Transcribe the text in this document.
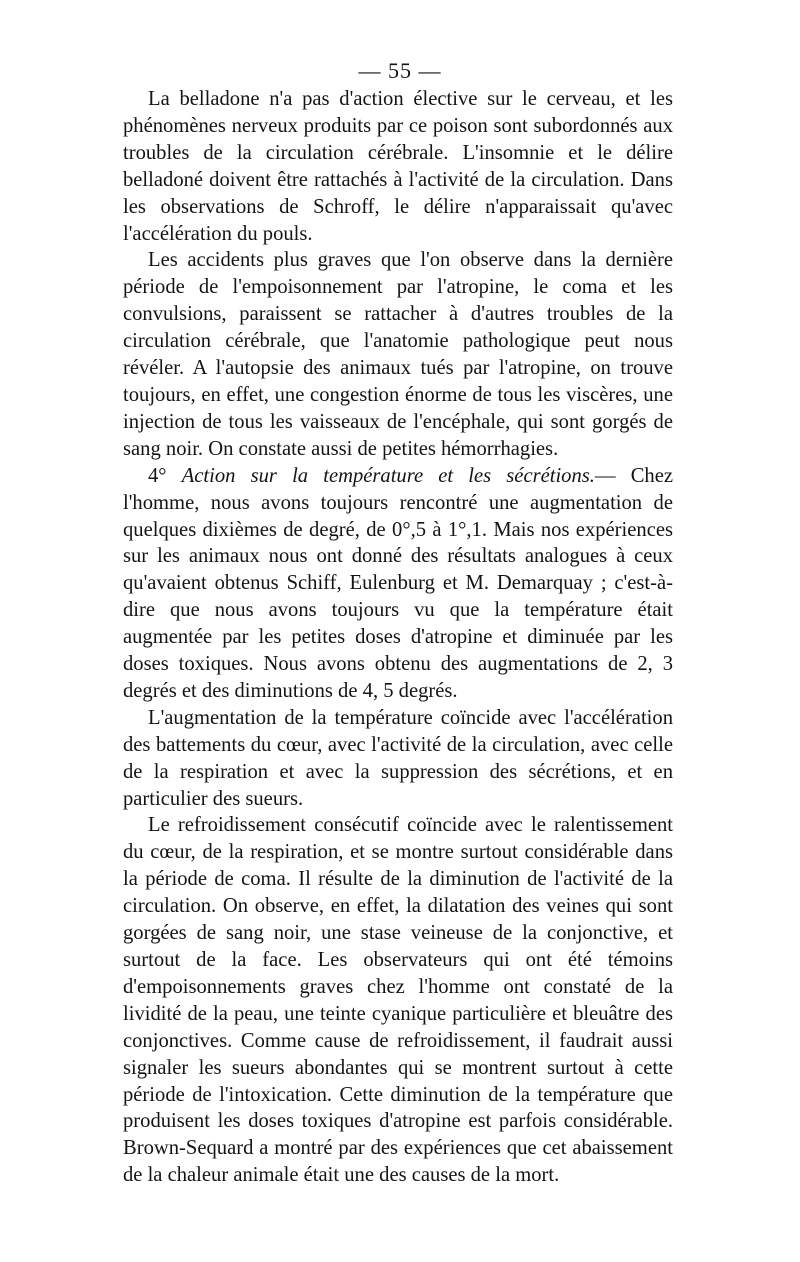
— 55 —

La belladone n'a pas d'action élective sur le cerveau, et les phénomènes nerveux produits par ce poison sont subordonnés aux troubles de la circulation cérébrale. L'insomnie et le délire belladoné doivent être rattachés à l'activité de la circulation. Dans les observations de Schroff, le délire n'apparaissait qu'avec l'accélération du pouls.

Les accidents plus graves que l'on observe dans la dernière période de l'empoisonnement par l'atropine, le coma et les convulsions, paraissent se rattacher à d'autres troubles de la circulation cérébrale, que l'anatomie pathologique peut nous révéler. A l'autopsie des animaux tués par l'atropine, on trouve toujours, en effet, une congestion énorme de tous les viscères, une injection de tous les vaisseaux de l'encéphale, qui sont gorgés de sang noir. On constate aussi de petites hémorrhagies.

4° Action sur la température et les sécrétions.— Chez l'homme, nous avons toujours rencontré une augmentation de quelques dixièmes de degré, de 0°,5 à 1°,1. Mais nos expériences sur les animaux nous ont donné des résultats analogues à ceux qu'avaient obtenus Schiff, Eulenburg et M. Demarquay ; c'est-à-dire que nous avons toujours vu que la température était augmentée par les petites doses d'atropine et diminuée par les doses toxiques. Nous avons obtenu des augmentations de 2, 3 degrés et des diminutions de 4, 5 degrés.

L'augmentation de la température coïncide avec l'accélération des battements du cœur, avec l'activité de la circulation, avec celle de la respiration et avec la suppression des sécrétions, et en particulier des sueurs.

Le refroidissement consécutif coïncide avec le ralentissement du cœur, de la respiration, et se montre surtout considérable dans la période de coma. Il résulte de la diminution de l'activité de la circulation. On observe, en effet, la dilatation des veines qui sont gorgées de sang noir, une stase veineuse de la conjonctive, et surtout de la face. Les observateurs qui ont été témoins d'empoisonnements graves chez l'homme ont constaté de la lividité de la peau, une teinte cyanique particulière et bleuâtre des conjonctives. Comme cause de refroidissement, il faudrait aussi signaler les sueurs abondantes qui se montrent surtout à cette période de l'intoxication. Cette diminution de la température que produisent les doses toxiques d'atropine est parfois considérable. Brown-Sequard a montré par des expériences que cet abaissement de la chaleur animale était une des causes de la mort.
